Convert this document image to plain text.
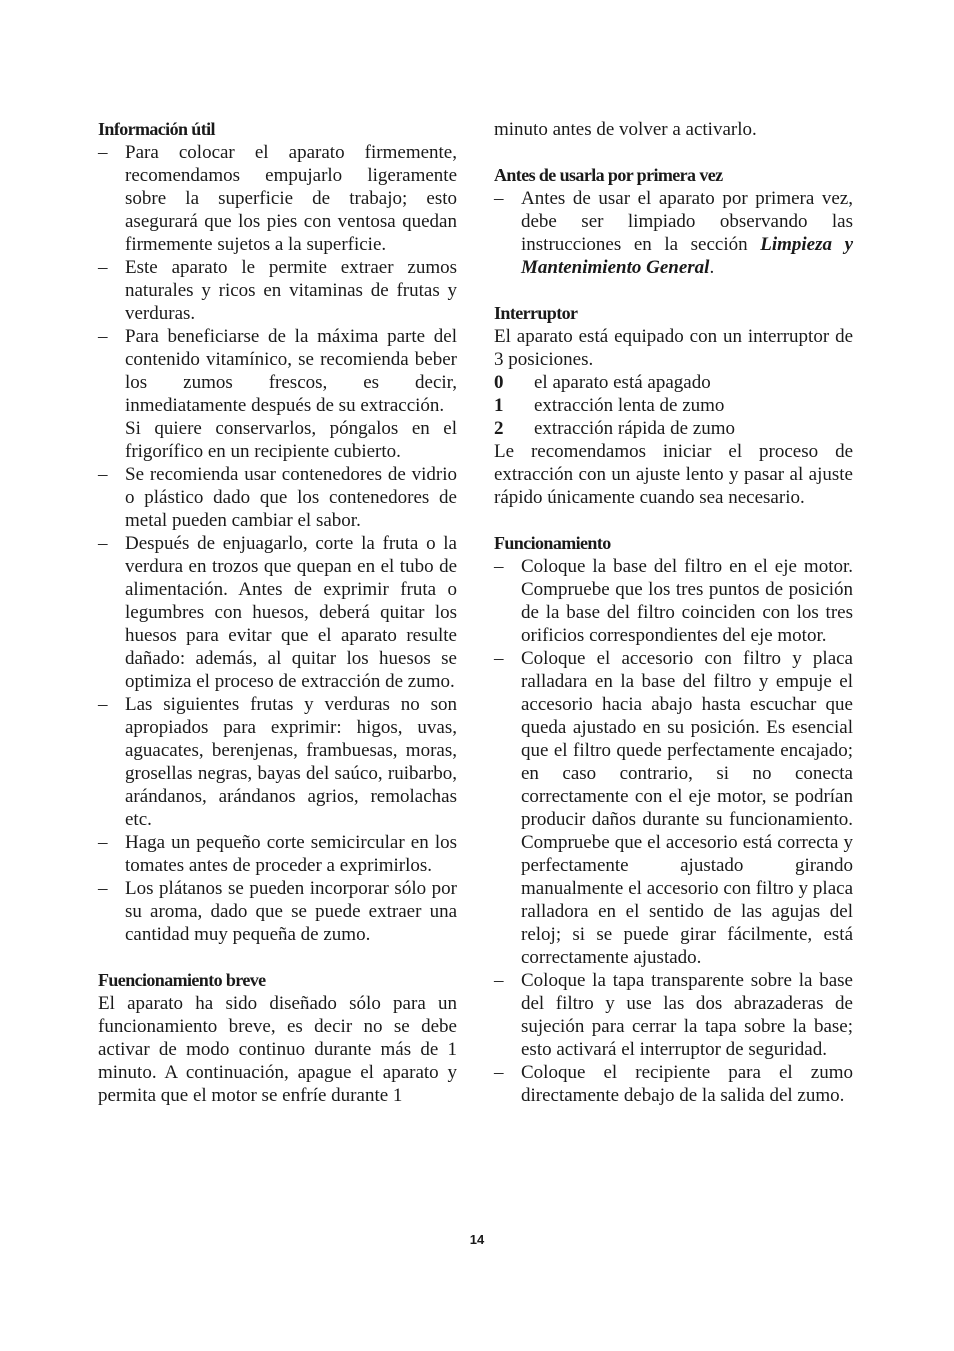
Información útil

– Para colocar el aparato firmemente, recomendamos empujarlo ligeramente sobre la superficie de trabajo; esto asegurará que los pies con ventosa quedan firmemente sujetos a la superficie.
– Este aparato le permite extraer zumos naturales y ricos en vitaminas de frutas y verduras.
– Para beneficiarse de la máxima parte del contenido vitamínico, se recomienda beber los zumos frescos, es decir, inmediatamente después de su extracción.
Si quiere conservarlos, póngalos en el frigorífico en un recipiente cubierto.
– Se recomienda usar contenedores de vidrio o plástico dado que los contenedores de metal pueden cambiar el sabor.
– Después de enjuagarlo, corte la fruta o la verdura en trozos que quepan en el tubo de alimentación. Antes de exprimir fruta o legumbres con huesos, deberá quitar los huesos para evitar que el aparato resulte dañado: además, al quitar los huesos se optimiza el proceso de extracción de zumo.
– Las siguientes frutas y verduras no son apropiados para exprimir: higos, uvas, aguacates, berenjenas, frambuesas, moras, grosellas negras, bayas del saúco, ruibarbo, arándanos, arándanos agrios, remolachas etc.
– Haga un pequeño corte semicircular en los tomates antes de proceder a exprimirlos.
– Los plátanos se pueden incorporar sólo por su aroma, dado que se puede extraer una cantidad muy pequeña de zumo.

Fuencionamiento breve

El aparato ha sido diseñado sólo para un funcionamiento breve, es decir no se debe activar de modo continuo durante más de 1 minuto. A continuación, apague el aparato y permita que el motor se enfríe durante 1

minuto antes de volver a activarlo.

Antes de usarla por primera vez

– Antes de usar el aparato por primera vez, debe ser limpiado observando las instrucciones en la sección Limpieza y Mantenimiento General.

Interruptor

El aparato está equipado con un interruptor de 3 posiciones.

0	el aparato está apagado
1	extracción lenta de zumo
2	extracción rápida de zumo

Le recomendamos iniciar el proceso de extracción con un ajuste lento y pasar al ajuste rápido únicamente cuando sea necesario.

Funcionamiento

– Coloque la base del filtro en el eje motor. Compruebe que los tres puntos de posición de la base del filtro coinciden con los tres orificios correspondientes del eje motor.
– Coloque el accesorio con filtro y placa ralladara en la base del filtro y empuje el accesorio hacia abajo hasta escuchar que queda ajustado en su posición. Es esencial que el filtro quede perfectamente encajado; en caso contrario, si no conecta correctamente con el eje motor, se podrían producir daños durante su funcionamiento. Compruebe que el accesorio está correcta y perfectamente ajustado girando manualmente el accesorio con filtro y placa ralladora en el sentido de las agujas del reloj; si se puede girar fácilmente, está correctamente ajustado.
– Coloque la tapa transparente sobre la base del filtro y use las dos abrazaderas de sujeción para cerrar la tapa sobre la base; esto activará el interruptor de seguridad.
– Coloque el recipiente para el zumo directamente debajo de la salida del zumo.
14
